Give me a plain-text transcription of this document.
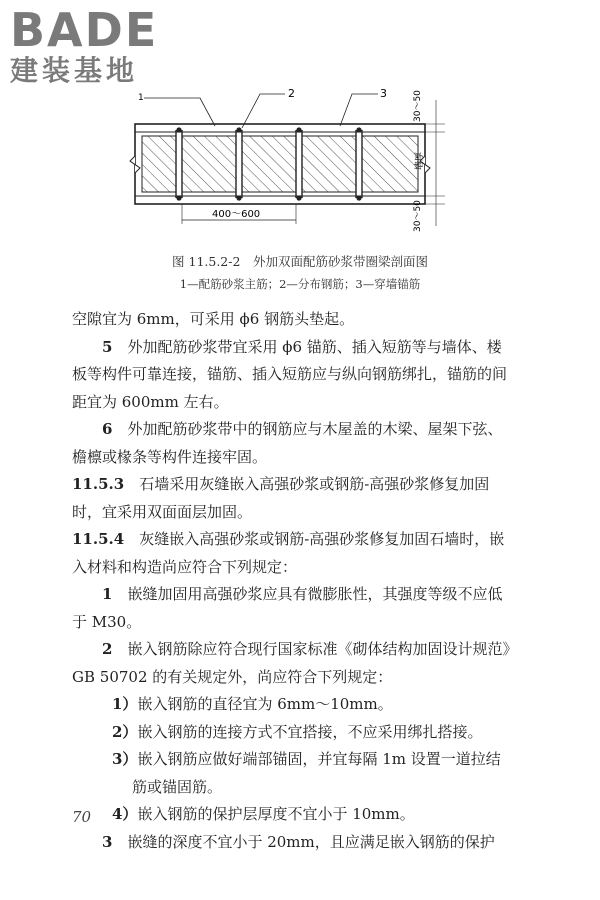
BADE
建装基地
1	2	3
400～600
30～50
墙厚
30～50
图 11.5.2-2　外加双面配筋砂浆带圈梁剖面图
1—配筋砂浆主筋；2—分布钢筋；3—穿墙锚筋

空隙宜为 6mm，可采用 ϕ6 钢筋头垫起。

5　 外加配筋砂浆带宜采用 ϕ6 锚筋、插入短筋等与墙体、楼板等构件可靠连接，锚筋、插入短筋应与纵向钢筋绑扎，锚筋的间距宜为 600mm 左右。

6　 外加配筋砂浆带中的钢筋应与木屋盖的木梁、屋架下弦、檐檩或椽条等构件连接牢固。

11.5.3　 石墙采用灰缝嵌入高强砂浆或钢筋-高强砂浆修复加固时，宜采用双面面层加固。

11.5.4　 灰缝嵌入高强砂浆或钢筋-高强砂浆修复加固石墙时，嵌入材料和构造尚应符合下列规定：

1　 嵌缝加固用高强砂浆应具有微膨胀性，其强度等级不应低于 M30。

2　 嵌入钢筋除应符合现行国家标准《砌体结构加固设计规范》GB 50702 的有关规定外，尚应符合下列规定：

1）嵌入钢筋的直径宜为 6mm～10mm。

2）嵌入钢筋的连接方式不宜搭接，不应采用绑扎搭接。

3）嵌入钢筋应做好端部锚固，并宜每隔 1m 设置一道拉结筋或锚固筋。

4）嵌入钢筋的保护层厚度不宜小于 10mm。

3　 嵌缝的深度不宜小于 20mm，且应满足嵌入钢筋的保护

70
